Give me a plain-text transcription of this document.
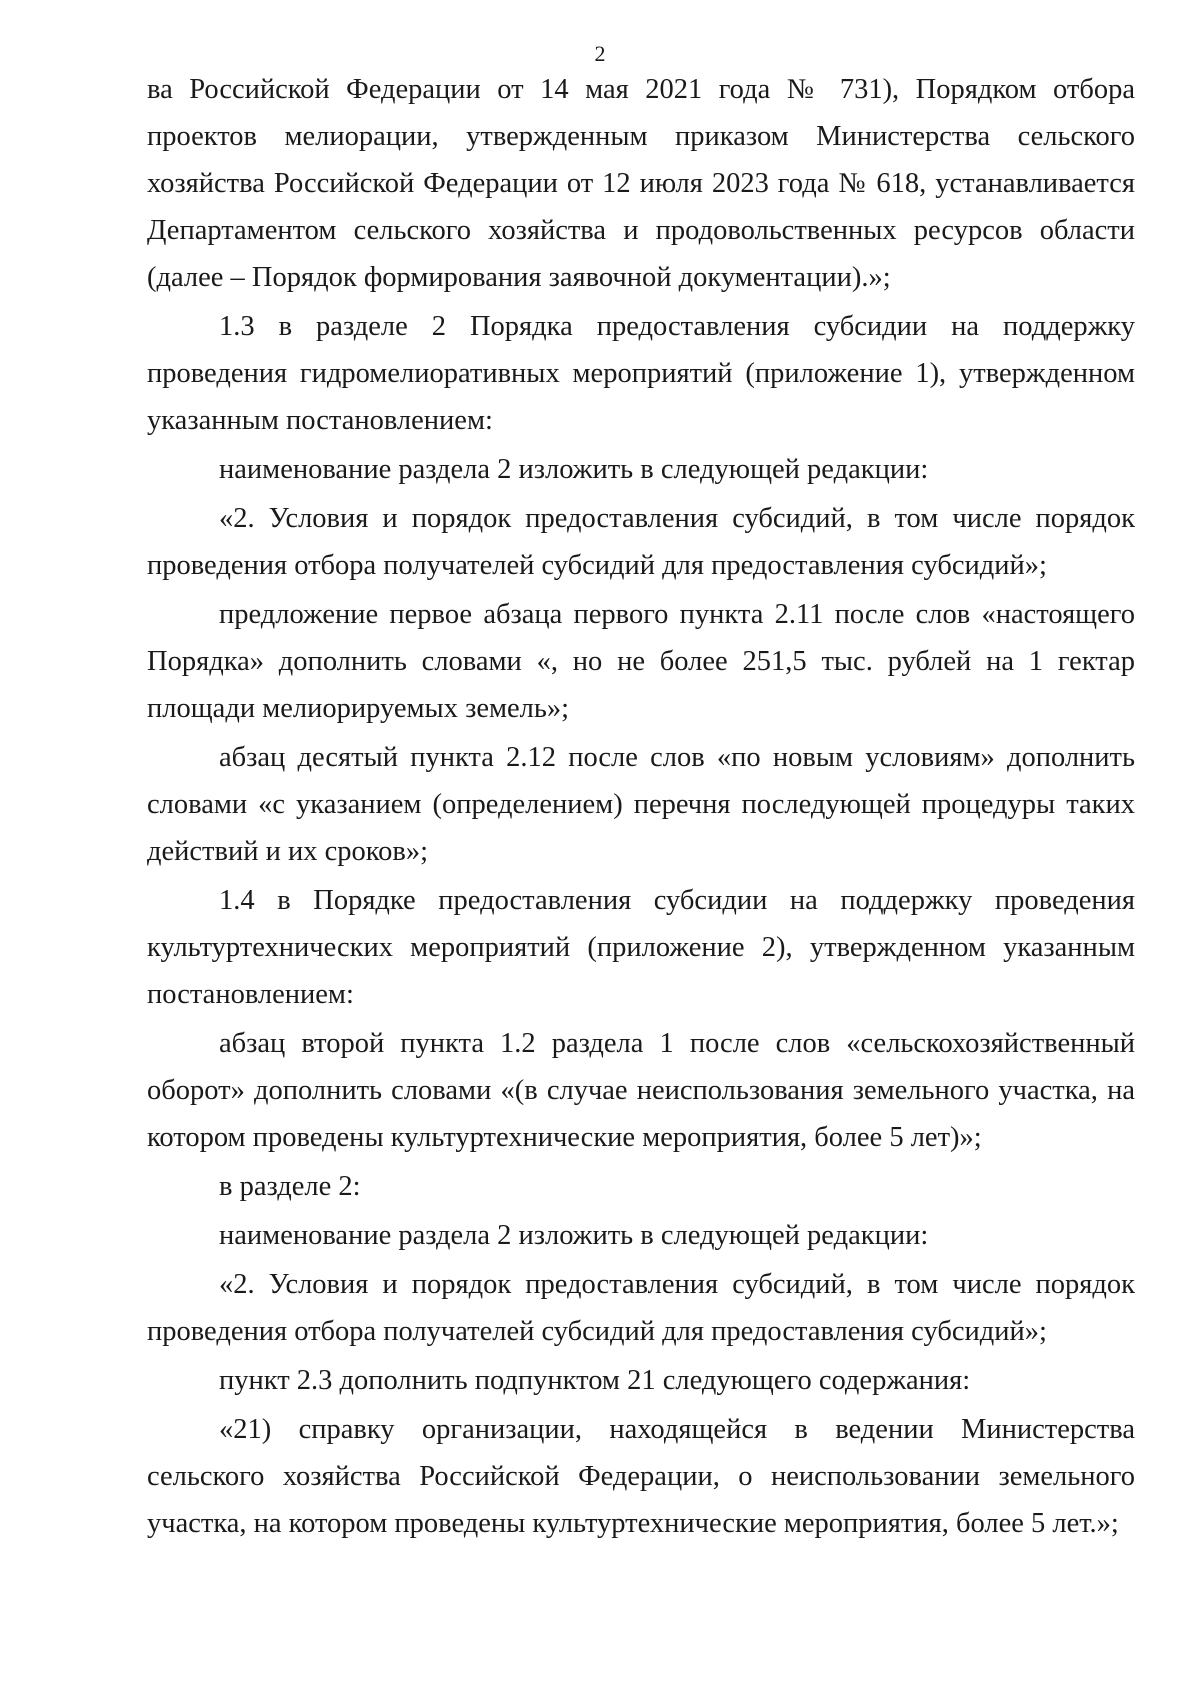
2

ва Российской Федерации от 14 мая 2021 года № 731), Порядком отбора проектов мелиорации, утвержденным приказом Министерства сельского хозяйства Российской Федерации от 12 июля 2023 года № 618, устанавливается Департаментом сельского хозяйства и продовольственных ресурсов области (далее – Порядок формирования заявочной документации).»;

1.3 в разделе 2 Порядка предоставления субсидии на поддержку проведения гидромелиоративных мероприятий (приложение 1), утвержденном указанным постановлением:

наименование раздела 2 изложить в следующей редакции:

«2. Условия и порядок предоставления субсидий, в том числе порядок проведения отбора получателей субсидий для предоставления субсидий»;

предложение первое абзаца первого пункта 2.11 после слов «настоящего Порядка» дополнить словами «, но не более 251,5 тыс. рублей на 1 гектар площади мелиорируемых земель»;

абзац десятый пункта 2.12 после слов «по новым условиям» дополнить словами «с указанием (определением) перечня последующей процедуры таких действий и их сроков»;

1.4 в Порядке предоставления субсидии на поддержку проведения культуртехнических мероприятий (приложение 2), утвержденном указанным постановлением:

абзац второй пункта 1.2 раздела 1 после слов «сельскохозяйственный оборот» дополнить словами «(в случае неиспользования земельного участка, на котором проведены культуртехнические мероприятия, более 5 лет)»;

в разделе 2:

наименование раздела 2 изложить в следующей редакции:

«2. Условия и порядок предоставления субсидий, в том числе порядок проведения отбора получателей субсидий для предоставления субсидий»;

пункт 2.3 дополнить подпунктом 21 следующего содержания:

«21) справку организации, находящейся в ведении Министерства сельского хозяйства Российской Федерации, о неиспользовании земельного участка, на котором проведены культуртехнические мероприятия, более 5 лет.»;
